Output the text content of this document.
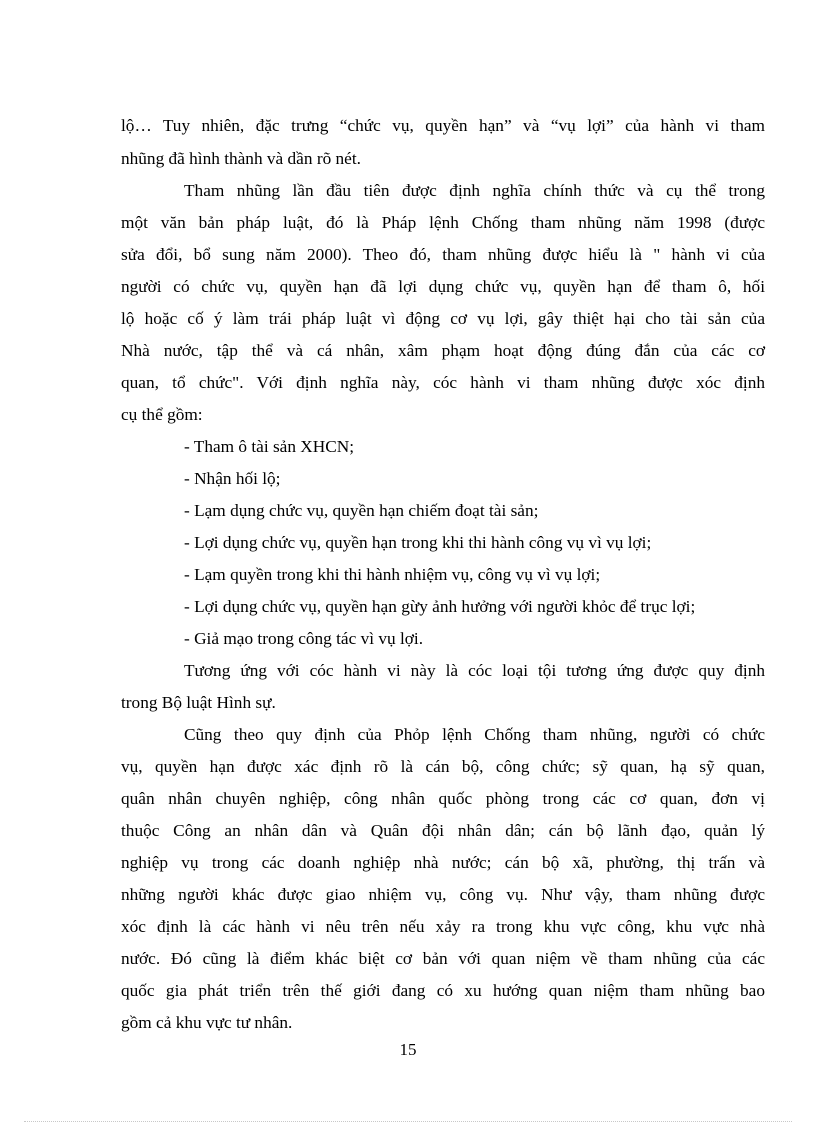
lộ… Tuy nhiên, đặc trưng “chức vụ, quyền hạn” và “vụ lợi” của hành vi tham
nhũng đã hình thành và dần rõ nét.
Tham nhũng lần đầu tiên được định nghĩa chính thức và cụ thể trong
một văn bản pháp luật, đó là Pháp lệnh Chống tham nhũng năm 1998 (được
sửa đổi, bổ sung năm 2000). Theo đó, tham nhũng được hiểu là " hành vi của
người có chức vụ, quyền hạn đã lợi dụng chức vụ, quyền hạn để tham ô, hối
lộ hoặc cố ý làm trái pháp luật vì động cơ vụ lợi, gây thiệt hại cho tài sản của
Nhà nước, tập thể và cá nhân, xâm phạm hoạt động đúng đắn của các cơ
quan, tổ chức". Với định nghĩa này, cóc hành vi tham nhũng được xóc định
cụ thể gồm:
- Tham ô tài sản XHCN;
- Nhận hối lộ;
- Lạm dụng chức vụ, quyền hạn chiếm đoạt tài sản;
- Lợi dụng chức vụ, quyền hạn trong khi thi hành công vụ vì vụ lợi;
- Lạm quyền trong khi thi hành nhiệm vụ, công vụ vì vụ lợi;
- Lợi dụng chức vụ, quyền hạn gừy ảnh hưởng với người khỏc để trục lợi;
- Giả mạo trong công tác vì vụ lợi.
Tương ứng với cóc hành vi này là cóc loại tội tương ứng được quy định
trong Bộ luật Hình sự.
Cũng theo quy định của Phỏp lệnh Chống tham nhũng, người có chức
vụ, quyền hạn được xác định rõ là cán bộ, công chức; sỹ quan, hạ sỹ quan,
quân nhân chuyên nghiệp, công nhân quốc phòng trong các cơ quan, đơn vị
thuộc Công an nhân dân và Quân đội nhân dân; cán bộ lãnh đạo, quản lý
nghiệp vụ trong các doanh nghiệp nhà nước; cán bộ xã, phường, thị trấn và
những người khác được giao nhiệm vụ, công vụ. Như vậy, tham nhũng được
xóc định là các hành vi nêu trên nếu xảy ra trong khu vực công, khu vực nhà
nước. Đó cũng là điểm khác biệt cơ bản với quan niệm về tham nhũng của các
quốc gia phát triển trên thế giới đang có xu hướng quan niệm tham nhũng bao
gồm cả khu vực tư nhân.
15
